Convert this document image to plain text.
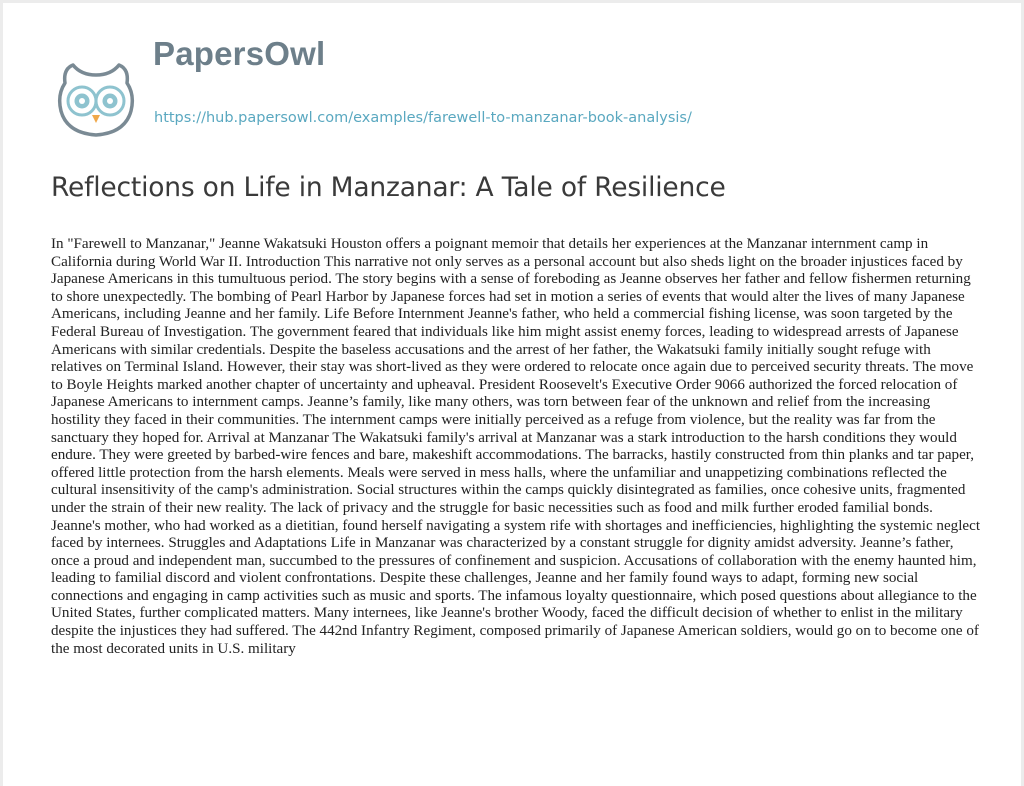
PapersOwl
https://hub.papersowl.com/examples/farewell-to-manzanar-book-analysis/
Reflections on Life in Manzanar: A Tale of Resilience

In "Farewell to Manzanar," Jeanne Wakatsuki Houston offers a poignant memoir that details her experiences at the Manzanar internment camp in California during World War II. Introduction This narrative not only serves as a personal account but also sheds light on the broader injustices faced by Japanese Americans in this tumultuous period. The story begins with a sense of foreboding as Jeanne observes her father and fellow fishermen returning to shore unexpectedly. The bombing of Pearl Harbor by Japanese forces had set in motion a series of events that would alter the lives of many Japanese Americans, including Jeanne and her family. Life Before Internment Jeanne's father, who held a commercial fishing license, was soon targeted by the Federal Bureau of Investigation. The government feared that individuals like him might assist enemy forces, leading to widespread arrests of Japanese Americans with similar credentials. Despite the baseless accusations and the arrest of her father, the Wakatsuki family initially sought refuge with relatives on Terminal Island. However, their stay was short-lived as they were ordered to relocate once again due to perceived security threats. The move to Boyle Heights marked another chapter of uncertainty and upheaval. President Roosevelt's Executive Order 9066 authorized the forced relocation of Japanese Americans to internment camps. Jeanne’s family, like many others, was torn between fear of the unknown and relief from the increasing hostility they faced in their communities. The internment camps were initially perceived as a refuge from violence, but the reality was far from the sanctuary they hoped for. Arrival at Manzanar The Wakatsuki family's arrival at Manzanar was a stark introduction to the harsh conditions they would endure. They were greeted by barbed-wire fences and bare, makeshift accommodations. The barracks, hastily constructed from thin planks and tar paper, offered little protection from the harsh elements. Meals were served in mess halls, where the unfamiliar and unappetizing combinations reflected the cultural insensitivity of the camp's administration. Social structures within the camps quickly disintegrated as families, once cohesive units, fragmented under the strain of their new reality. The lack of privacy and the struggle for basic necessities such as food and milk further eroded familial bonds. Jeanne's mother, who had worked as a dietitian, found herself navigating a system rife with shortages and inefficiencies, highlighting the systemic neglect faced by internees. Struggles and Adaptations Life in Manzanar was characterized by a constant struggle for dignity amidst adversity. Jeanne’s father, once a proud and independent man, succumbed to the pressures of confinement and suspicion. Accusations of collaboration with the enemy haunted him, leading to familial discord and violent confrontations. Despite these challenges, Jeanne and her family found ways to adapt, forming new social connections and engaging in camp activities such as music and sports. The infamous loyalty questionnaire, which posed questions about allegiance to the United States, further complicated matters. Many internees, like Jeanne's brother Woody, faced the difficult decision of whether to enlist in the military despite the injustices they had suffered. The 442nd Infantry Regiment, composed primarily of Japanese American soldiers, would go on to become one of the most decorated units in U.S. military
